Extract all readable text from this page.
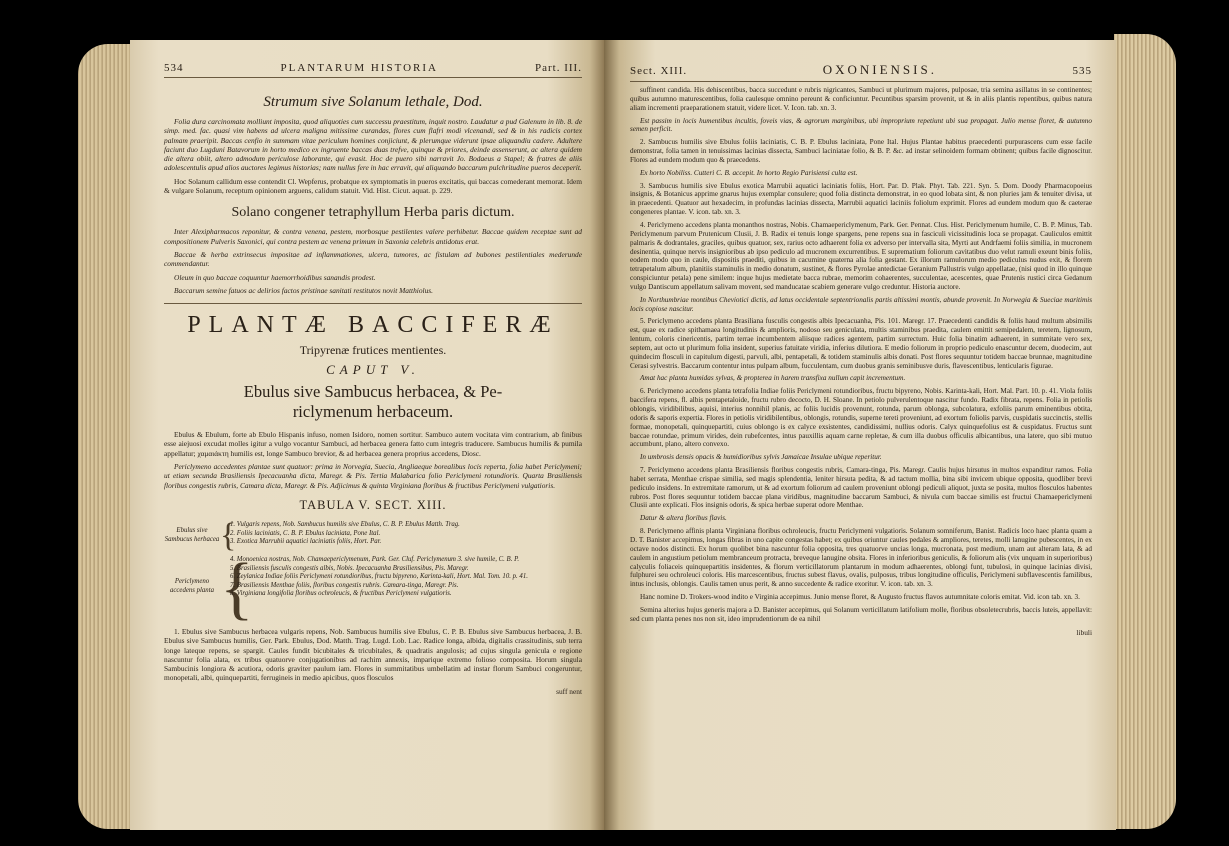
534	PLANTARUM HISTORIA	Part. III.
Strumum sive Solanum lethale, Dod.

Folia dura carcinomata molliunt imposita, quod aliquoties cum successu praestitum, inquit nostro. Laudatur a pud Galenum in lib. 8. de simp. med. fac. quasi vim habens ad ulcera maligna mitissime curandas, flores cum flafri modi vlcenandi, sed & in his radicis cortex palmam praeripit. Baccas cenfio in summam vitae periculum homines conjiciunt, & plerumque viderunt ipsae aliquandiu cadere. Adultere faciunt duo Lugduni Batavorum in horto medico ex ingruente baccas duas trefve, quinque & priores, deinde assenserunt, ac altera quidem die altera obiit, altero admodum periculose laborante, qui evasit. Hoc de puero sibi narravit Jo. Bodaeus a Stapel; & fratres de aliis adolescentulis apud alios auctores legimus historias; nam nullus fere in hac erravit, qui aliquando baccarum pulchritudine pueros deceperit.

Hoc Solanum callidum esse contendit Cl. Wepferus, probatque ex symptomatis in pueros excitatis, qui baccas comederant memorat. Idem & vulgare Solanum, receptum opinionem arguens, calidum statuit. Vid. Hist. Cicut. aquat. p. 229.

Solano congener tetraphyllum Herba paris dictum.

Inter Alexipharmacos reponitur, & contra venena, pestem, morbosque pestilentes valere perhibetur. Baccae quidem receptae sunt ad compositionem Pulveris Saxonici, qui contra pestem ac venena primum in Saxonia celebris antidotus erat.

Baccae & herba extrinsecus impositae ad inflammationes, ulcera, tumores, ac fistulam ad bubones pestilentiales mederunde commendantur.

Oleum in quo baccae coquuntur haemorrhoidibus sanandis prodest.

Baccarum semine fatuos ac delirios factos pristinae sanitati restitutos novit Matthiolus.

PLANTÆ BACCIFERÆ
Tripyrenæ frutices mentientes.
CAPUT V.
Ebulus sive Sambucus herbacea, & Pe-
riclymenum herbaceum.

Ebulus & Ebulum, forte ab Ebulo Hispanis infuso, nomen Isidoro, nomen sortitur. Sambuco autem vocitata vim contrarium, ab finibus esse aiejuosi excudat molles igitur a vulgo vocantur Sambuci, ad herbacea genera fatto cum integris traducere. Sambucus humilis & pumila appellatur; χαμαιάκτη humilis est, longe Sambuco brevior, & ad herbacea genera proprius accedens, Diosc.

Periclymeno accedentes plantae sunt quatuor: prima in Norvegia, Suecia, Angliaeque borealibus locis reperta, folia habet Periclymeni; ut etiam secunda Brasiliensis Ipecacuanha dicta, Maregr. & Pis. Tertia Malabarica folio Periclymeni rotundioris. Quarta Brasiliensis floribus congestis rubris, Camara dicta, Maregr. & Pis. Adjicimus & quinta Virginiana floribus & fructibus Periclymeni vulgatioris.

TABULA V. SECT. XIII.
Ebulus sive Sambucus herbacea {
1. Vulgaris repens, Nob. Sambucus humilis sive Ebulus, C. B. P. Ebulus Matth. Trag.
2. Foliis laciniatis, C. B. P. Ebulus laciniata, Pone Ital.
3. Exotica Marrubii aquatici laciniatis foliis, Hort. Par.
Periclymeno accedens planta {
4. Monoenica nostras, Nob. Chamaepericlymenum, Park. Ger. Cluf. Periclymenum 3. sive humile, C. B. P.
5. Brasiliensis fusculis congestis albis, Nobis. Ipecacuanha Brasiliensibus, Pis. Maregr.
6. Zeylanica Indiae foliis Periclymeni rotundioribus, fructu bipyreno, Karinta-kali, Hort. Mal. Tom. 10. p. 41.
7. Brasiliensis Menthae foliis, floribus congestis rubris. Camara-tinga, Maregr. Pis.
8. Virginiana longifolia floribus ochroleucis, & fructibus Periclymeni vulgatioris.

1. Ebulus sive Sambucus herbacea vulgaris repens, Nob. Sambucus humilis sive Ebulus, C. P. B. Ebulus sive Sambucus herbacea, J. B. Ebulus sive Sambucus humilis, Ger. Park. Ebulus, Dod. Matth. Trag. Lugd. Lob. Lac. Radice longa, albida, digitalis crassitudinis, sub terra longe lateque repens, se spargit. Caules fundit bicubitales & tricubitales, & quadratis angulosis; ad cujus singula genicula e regione nascuntur folia alata, ex tribus quatuorve conjugationibus ad rachim annexis, imparique extremo folioso composita. Horum singula Sambucinis longiora & acutiora, odoris graviter paulum iam. Flores in summitatibus umbellatim ad instar florum Sambuci congeruntur, monopetali, albi, quinquepartiti, ferrugineis in medio apicibus, quos flosculos

suff nent
Sect. XIII.	OXONIENSIS.	535

suffinent candida. His dehiscentibus, bacca succedunt e rubris nigricantes, Sambuci ut plurimum majores, pulposae, tria semina asillatus in se continentes; quibus autumno maturescentibus, folia caulesque omnino pereunt & conficiuntur. Pecuntibus sparsim provenit, ut & in aliis plantis repentibus, quibus natura aliam incrementi praeparationem statuit, videre licet. V. Icon. tab. xn. 3.

Est passim in locis humentibus incultis, foveis vias, & agrorum marginibus, ubi improprium repetiunt ubi sua propagat. Julio mense floret, & autumno semen perficit.

2. Sambucus humilis sive Ebulus foliis laciniatis, C. B. P. Ebulus laciniata, Pone Ital. Hujus Plantae habitus praecedenti purpurascens cum esse facile demonstrat, folia tamen in tenuissimas lacinias dissecta, Sambuci laciniatae folio, & B. P. &c. ad instar selinoidem formam obtinent; quibus facile dignoscitur. Flores ad eundem modum quo & praecedens.

Ex horto Nobiliss. Cutteri C. B. accepit. In horto Regio Parisiensi culta est.

3. Sambucus humilis sive Ebulus exotica Marrubii aquatici laciniatis foliis, Hort. Par. D. Plak. Phyt. Tab. 221. Syn. 5. Dom. Doody Pharmacopoeius insignis, & Botanicus apprime gnarus hujus exemplar consulere; quod folia distincta demonstrat, in eo quod lobata sint, & non pluries jam & tenuiter divisa, ut in praecedenti. Quatuor aut hexadecim, in profundas lacinias dissecta, Marrubii aquatici laciniis foliolum exprimit. Flores ad eundem modum quo & caeterae congeneres plantae. V. icon. tab. xn. 3.

4. Periclymeno accedens planta monanthos nostras, Nobis. Chamaepericlymenum, Park. Ger. Pennat. Clus. Hist. Periclymenum humile, C. B. P. Minus, Tab. Periclymenum parvum Prutenicum Clusii, J. B. Radix ei tenuis longe spargens, pene repens sua in fasciculi vicissitudinis loca se propagat. Cauliculos emittit palmaris & dodrantales, graciles, quibus quatuor, sex, rarius octo adhaerent folia ex adverso per intervalla sita, Myrti aut Andrfaemi foliis similia, in mucronem desinentia, quinque nervis insignioribus ab ipso pediculo ad mucronem excurrentibus. E suprematium foliorum cavitatibus duo velut ramuli exeunt binis foliis, eodem modo quo in caule, dispositis praediti, quibus in cacumine quaterna alia folia gestant. Ex illorum ramulorum medio pediculus nudus exit, & florem tetrapetalum album, planitiis staminulis in medio donatum, sustinet, & flores Pyrolae antedictae Geranium Pallustris vulgo appellatae, (nisi quod in illo quinque conspiciuntur petala) pene similem: inque hujus medietate bacca rubrae, memorim cohaerentes, succulentae, acescentes, quae Prutenis rustici circa Gedanum vulgo Dantiscum appellatum salivam movent, sed manducatae scabiem generare vulgo creduntur. Historia auctore.

In Northumbriae montibus Cheviotici dictis, ad latus occidentale septentrionalis partis altissimi montis, abunde provenit. In Norwegia & Sueciae maritimis locis copiose nascitur.

5. Periclymeno accedens planta Brasiliana fusculis congestis albis Ipecacuanha, Pis. 101. Maregr. 17. Praecedenti candidis & foliis haud multum absimilis est, quae ex radice spithamaea longitudinis & amplioris, nodoso seu geniculata, multis staminibus praedita, caulem emittit semipedalem, teretem, lignosum, lentum, coloris cinericentis, partim terrae incumbentem aliisque radices agentem, partim surrectum. Huic folia binatim adhaerent, in summitate vero sex, septem, aut octo ut plurimum folia insident, superius fatuitate viridia, inferius dilutiora. E medio foliorum in proprio pediculo enascuntur decem, duodecim, aut quindecim flosculi in capitulum digesti, parvuli, albi, pentapetali, & totidem staminulis albis donati. Post flores sequuntur totidem baccae brunnae, magnitudine Cerasi sylvestris. Baccarum contentur intus pulpam album, fucculentam, cum duobus granis seminibusve duris, flavescentibus, lenticularis figurae.

Amat hac planta humidas sylvas, & propterea in harem transfixa nullum capit incrementum.

6. Periclymeno accedens planta tetrafolia Indiae foliis Periclymeni rotundioribus, fructu bipyreno, Nobis. Karinta-kali, Hort. Mal. Part. 10. p. 41. Viola foliis baccifera repens, fl. albis pentapetaloide, fructu rubro decocto, D. H. Sloane. In petiolo pulverulentoque nascitur fundo. Radix fibrata, repens. Folia in petiolis oblongis, viridibilibus, aquisi, interius nonnihil planis, ac foliis lucidis provenunt, rotunda, parum oblonga, subcolatura, exfoliis parum eminentibus obtita, odoris & saporis expertia. Flores in petiolis viridibilentibus, oblongis, rotundis, superne tereti proveniunt, ad exortum foliolis parvis, cuspidatis succinctis, stellis formae, monopetali, quinquepartiti, cuius oblongo is ex calyce exsistentes, candidissimi, nullius odoris. Calyx quinquefolius est & cuspidatus. Fructus sunt baccae rotundae, primum virides, dein rubefcentes, intus pauxillis aquam carne repletae, & cum illa duobus officulis albicantibus, una latere, quo sibi mutuo accumbunt, plano, altero convexo.

In umbrosis densis opacis & humidioribus sylvis Jamaicae Insulae ubique reperitur.

7. Periclymeno accedens planta Brasiliensis floribus congestis rubris, Camara-tinga, Pis. Maregr. Caulis hujus hirsutus in multos expanditur ramos. Folia habet serrata, Menthae crispae similia, sed magis splendentia, leniter hirsuta pedita, & ad tactum mollia, bina sibi invicem ubique opposita, quodliber brevi pediculo insidens. In extremitate ramorum, ut & ad exortum foliorum ad caulem proveniunt oblongi pediculi aliquot, juxta se posita, multos flosculos habentes rubros. Post flores sequuntur totidem baccae plana viridibus, magnitudine baccarum Sambuci, & nivula cum baccae similis est fructui Chamaepericlymeni Clusii ante explicati. Flos insignis odoris, & spica herbae superat odore Menthae.

Datur & altera floribus flavis.

8. Periclymeno affinis planta Virginiana floribus ochroleucis, fructu Periclymeni vulgatioris. Solanum somniferum, Banist. Radicis loco haec planta quam a D. T. Banister accepimus, longas fibras in uno capite congestas habet; ex quibus oriuntur caules pedales & ampliores, teretes, molli lanugine pubescentes, in ex octave nodos distincti. Ex horum quolibet bina nascuntur folia opposita, tres quatuorve uncias longa, mucronata, post medium, unam aut alteram lata, & ad caulem in angustium petiolum membranceum protracta, breveque lanugine obsita. Flores in inferioribus geniculis, & foliorum alis (vix unquam in superioribus) calyculis foliaceis quinquepartitis insidentes, & florum verticillatorum plantarum in modum adhaerentes, oblongi funt, tubulosi, in quinque lacinias divisi, fulphurei seu ochroleuci coloris. His marcescentibus, fructus subest flavus, ovalis, pulposus, tribus longitudine officulis, Periclymeni subflavescentis familibus, intus inclusis, oblongis. Caulis tamen unus perit, & anno succedente & radice exoritur. V. icon. tab. xn. 3.

Hanc nomine D. Trokers-wood indito e Virginia accepimus. Junio mense floret, & Augusto fructus flavos autumnitate coloris emitat. Vid. icon tab. xn. 3.

Semina alterius hujus generis majora a D. Banister accepimus, qui Solanum verticillatum latifolium molle, floribus obsoletecrubris, baccis luteis, appellavit: sed cum planta penes nos non sit, ideo imprudentiorum de ea nihil

libuli
